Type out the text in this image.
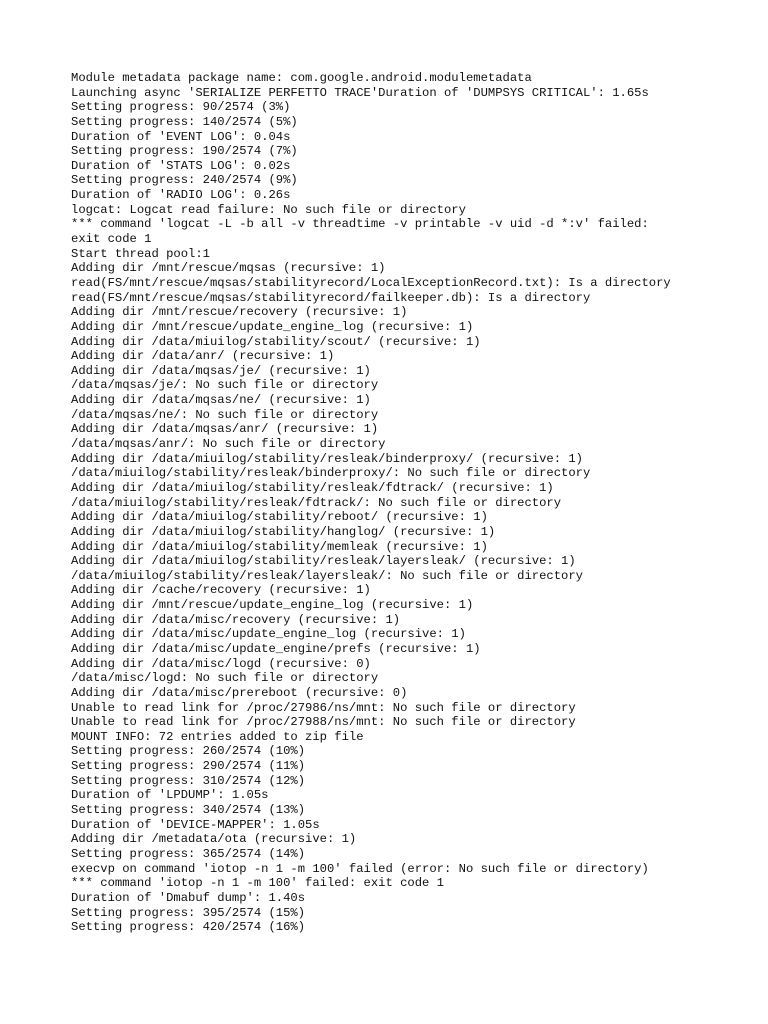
Module metadata package name: com.google.android.modulemetadata
Launching async 'SERIALIZE PERFETTO TRACE'Duration of 'DUMPSYS CRITICAL': 1.65s
Setting progress: 90/2574 (3%)
Setting progress: 140/2574 (5%)
Duration of 'EVENT LOG': 0.04s
Setting progress: 190/2574 (7%)
Duration of 'STATS LOG': 0.02s
Setting progress: 240/2574 (9%)
Duration of 'RADIO LOG': 0.26s
logcat: Logcat read failure: No such file or directory
*** command 'logcat -L -b all -v threadtime -v printable -v uid -d *:v' failed:
exit code 1
Start thread pool:1
Adding dir /mnt/rescue/mqsas (recursive: 1)
read(FS/mnt/rescue/mqsas/stabilityrecord/LocalExceptionRecord.txt): Is a directory
read(FS/mnt/rescue/mqsas/stabilityrecord/failkeeper.db): Is a directory
Adding dir /mnt/rescue/recovery (recursive: 1)
Adding dir /mnt/rescue/update_engine_log (recursive: 1)
Adding dir /data/miuilog/stability/scout/ (recursive: 1)
Adding dir /data/anr/ (recursive: 1)
Adding dir /data/mqsas/je/ (recursive: 1)
/data/mqsas/je/: No such file or directory
Adding dir /data/mqsas/ne/ (recursive: 1)
/data/mqsas/ne/: No such file or directory
Adding dir /data/mqsas/anr/ (recursive: 1)
/data/mqsas/anr/: No such file or directory
Adding dir /data/miuilog/stability/resleak/binderproxy/ (recursive: 1)
/data/miuilog/stability/resleak/binderproxy/: No such file or directory
Adding dir /data/miuilog/stability/resleak/fdtrack/ (recursive: 1)
/data/miuilog/stability/resleak/fdtrack/: No such file or directory
Adding dir /data/miuilog/stability/reboot/ (recursive: 1)
Adding dir /data/miuilog/stability/hanglog/ (recursive: 1)
Adding dir /data/miuilog/stability/memleak (recursive: 1)
Adding dir /data/miuilog/stability/resleak/layersleak/ (recursive: 1)
/data/miuilog/stability/resleak/layersleak/: No such file or directory
Adding dir /cache/recovery (recursive: 1)
Adding dir /mnt/rescue/update_engine_log (recursive: 1)
Adding dir /data/misc/recovery (recursive: 1)
Adding dir /data/misc/update_engine_log (recursive: 1)
Adding dir /data/misc/update_engine/prefs (recursive: 1)
Adding dir /data/misc/logd (recursive: 0)
/data/misc/logd: No such file or directory
Adding dir /data/misc/prereboot (recursive: 0)
Unable to read link for /proc/27986/ns/mnt: No such file or directory
Unable to read link for /proc/27988/ns/mnt: No such file or directory
MOUNT INFO: 72 entries added to zip file
Setting progress: 260/2574 (10%)
Setting progress: 290/2574 (11%)
Setting progress: 310/2574 (12%)
Duration of 'LPDUMP': 1.05s
Setting progress: 340/2574 (13%)
Duration of 'DEVICE-MAPPER': 1.05s
Adding dir /metadata/ota (recursive: 1)
Setting progress: 365/2574 (14%)
execvp on command 'iotop -n 1 -m 100' failed (error: No such file or directory)
*** command 'iotop -n 1 -m 100' failed: exit code 1
Duration of 'Dmabuf dump': 1.40s
Setting progress: 395/2574 (15%)
Setting progress: 420/2574 (16%)
